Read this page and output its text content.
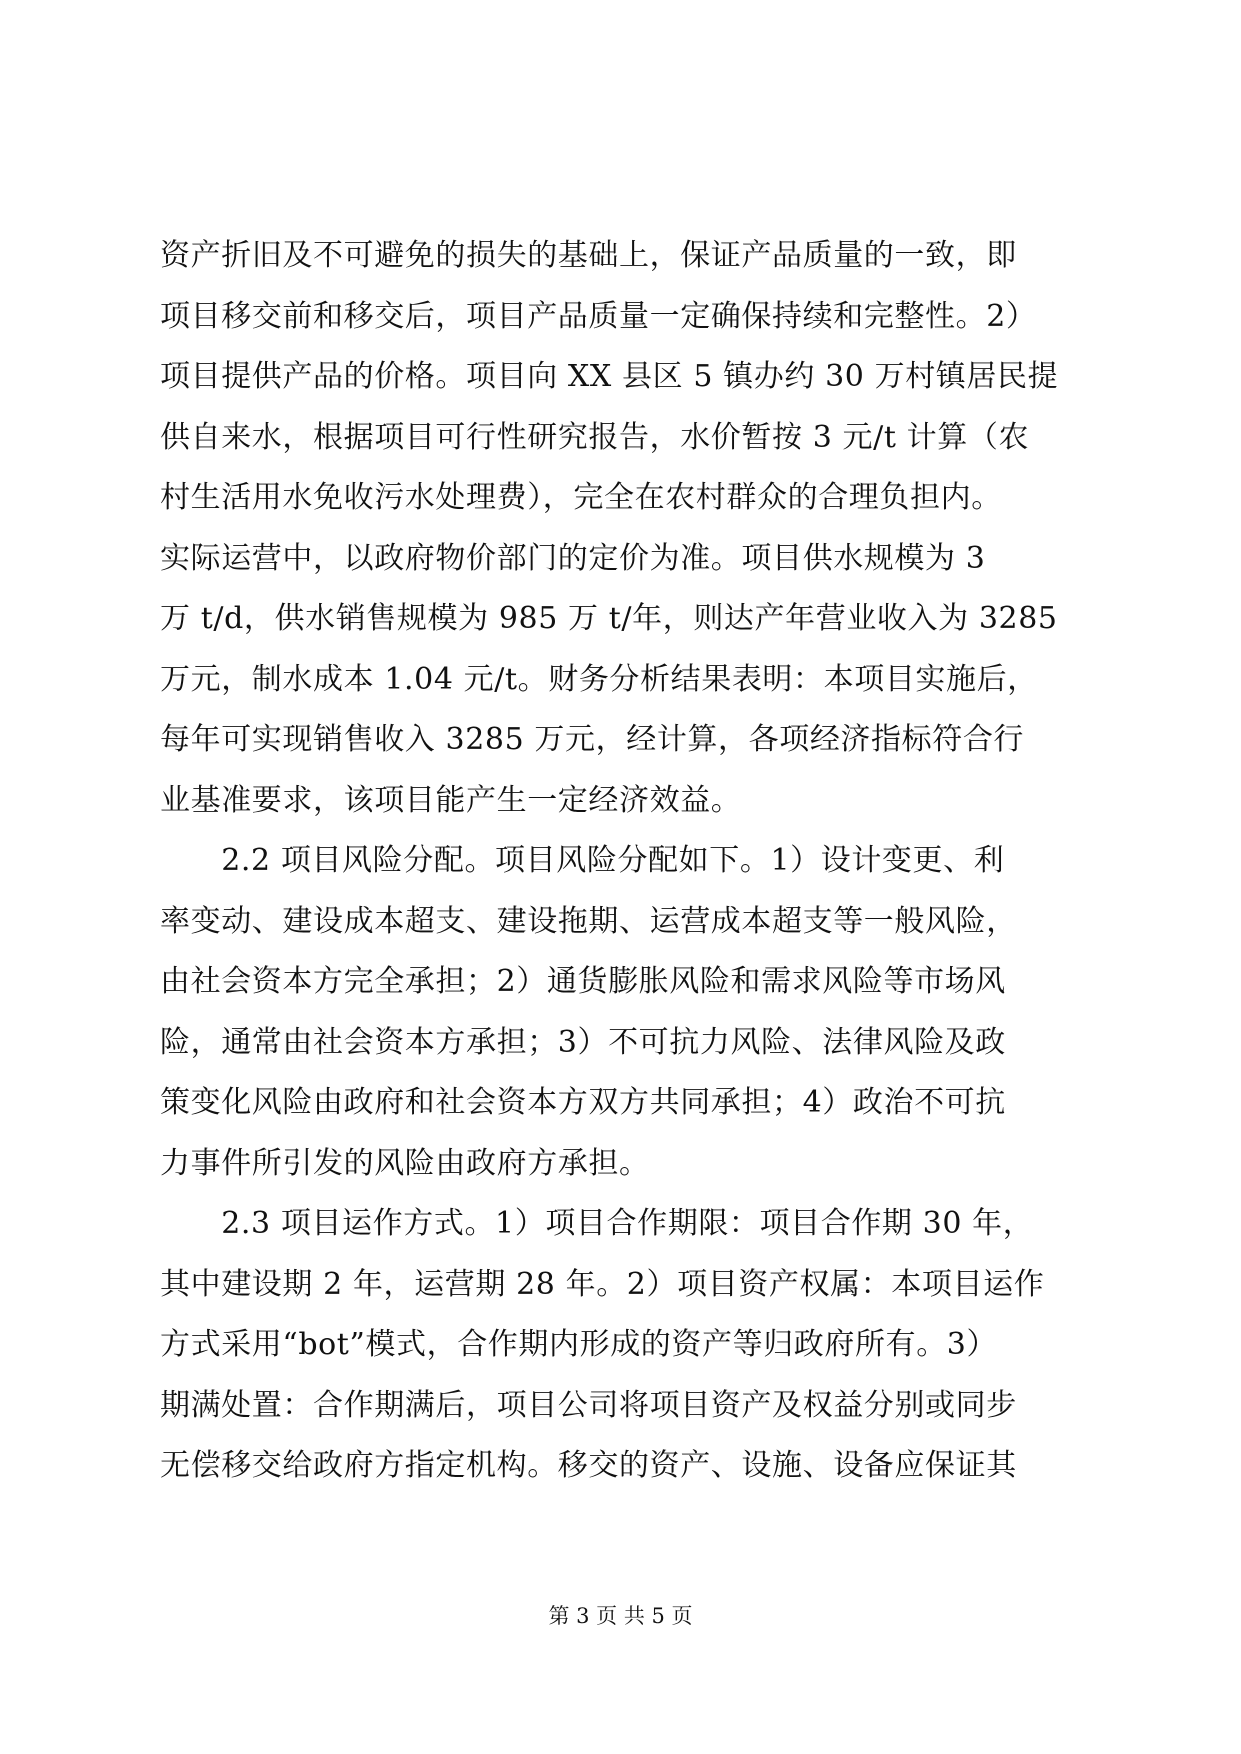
资产折旧及不可避免的损失的基础上，保证产品质量的一致，即
项目移交前和移交后，项目产品质量一定确保持续和完整性。2）
项目提供产品的价格。项目向 XX 县区 5 镇办约 30 万村镇居民提
供自来水，根据项目可行性研究报告，水价暂按 3 元/t 计算（农
村生活用水免收污水处理费），完全在农村群众的合理负担内。
实际运营中，以政府物价部门的定价为准。项目供水规模为 3
万 t/d，供水销售规模为 985 万 t/年，则达产年营业收入为 3285
万元，制水成本 1.04 元/t。财务分析结果表明：本项目实施后，
每年可实现销售收入 3285 万元，经计算，各项经济指标符合行
业基准要求，该项目能产生一定经济效益。
　　2.2 项目风险分配。项目风险分配如下。1）设计变更、利
率变动、建设成本超支、建设拖期、运营成本超支等一般风险，
由社会资本方完全承担；2）通货膨胀风险和需求风险等市场风
险，通常由社会资本方承担；3）不可抗力风险、法律风险及政
策变化风险由政府和社会资本方双方共同承担；4）政治不可抗
力事件所引发的风险由政府方承担。
　　2.3 项目运作方式。1）项目合作期限：项目合作期 30 年，
其中建设期 2 年，运营期 28 年。2）项目资产权属：本项目运作
方式采用“bot”模式，合作期内形成的资产等归政府所有。3）
期满处置：合作期满后，项目公司将项目资产及权益分别或同步
无偿移交给政府方指定机构。移交的资产、设施、设备应保证其
第 3 页 共 5 页
